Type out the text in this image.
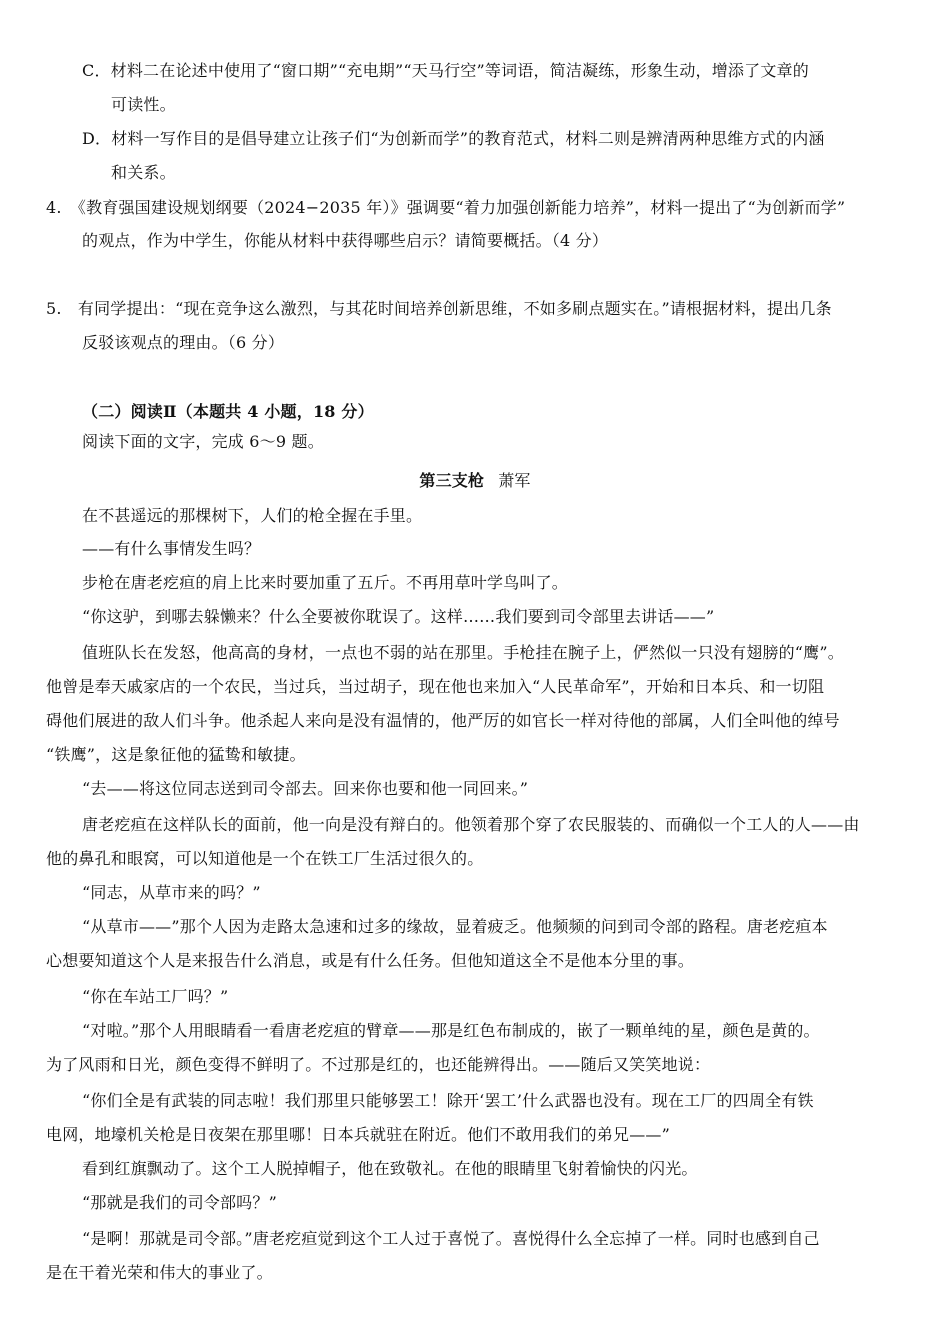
C．材料二在论述中使用了“窗口期”“充电期”“天马行空”等词语，简洁凝练，形象生动，增添了文章的
可读性。
D．材料一写作目的是倡导建立让孩子们“为创新而学”的教育范式，材料二则是辨清两种思维方式的内涵
和关系。
4.　《教育强国建设规划纲要（2024−2035 年）》强调要“着力加强创新能力培养”，材料一提出了“为创新而学”
的观点，作为中学生，你能从材料中获得哪些启示？请简要概括。（4 分）
5.　有同学提出：“现在竞争这么激烈，与其花时间培养创新思维，不如多刷点题实在。”请根据材料，提出几条
反驳该观点的理由。（6 分）
（二）阅读Ⅱ（本题共 4 小题，18 分）
阅读下面的文字，完成 6～9 题。
第三支枪 萧军
在不甚遥远的那棵树下，人们的枪全握在手里。
——有什么事情发生吗？
步枪在唐老疙疸的肩上比来时要加重了五斤。不再用草叶学鸟叫了。
“你这驴，到哪去躲懒来？什么全要被你耽误了。这样……我们要到司令部里去讲话——”
值班队长在发怒，他高高的身材，一点也不弱的站在那里。手枪挂在腕子上，俨然似一只没有翅膀的“鹰”。
他曾是奉天戚家店的一个农民，当过兵，当过胡子，现在他也来加入“人民革命军”，开始和日本兵、和一切阻
碍他们展进的敌人们斗争。他杀起人来向是没有温情的，他严厉的如官长一样对待他的部属，人们全叫他的绰号
“铁鹰”，这是象征他的猛鸷和敏捷。
“去——将这位同志送到司令部去。回来你也要和他一同回来。”
唐老疙疸在这样队长的面前，他一向是没有辩白的。他领着那个穿了农民服装的、而确似一个工人的人——由
他的鼻孔和眼窝，可以知道他是一个在铁工厂生活过很久的。
“同志，从草市来的吗？”
“从草市——”那个人因为走路太急速和过多的缘故，显着疲乏。他频频的问到司令部的路程。唐老疙疸本
心想要知道这个人是来报告什么消息，或是有什么任务。但他知道这全不是他本分里的事。
“你在车站工厂吗？”
“对啦。”那个人用眼睛看一看唐老疙疸的臂章——那是红色布制成的，嵌了一颗单纯的星，颜色是黄的。
为了风雨和日光，颜色变得不鲜明了。不过那是红的，也还能辨得出。——随后又笑笑地说：
“你们全是有武装的同志啦！我们那里只能够罢工！除开‘罢工’什么武器也没有。现在工厂的四周全有铁
电网，地壕机关枪是日夜架在那里哪！日本兵就驻在附近。他们不敢用我们的弟兄——”
看到红旗飘动了。这个工人脱掉帽子，他在致敬礼。在他的眼睛里飞射着愉快的闪光。
“那就是我们的司令部吗？”
“是啊！那就是司令部。”唐老疙疸觉到这个工人过于喜悦了。喜悦得什么全忘掉了一样。同时也感到自己
是在干着光荣和伟大的事业了。
